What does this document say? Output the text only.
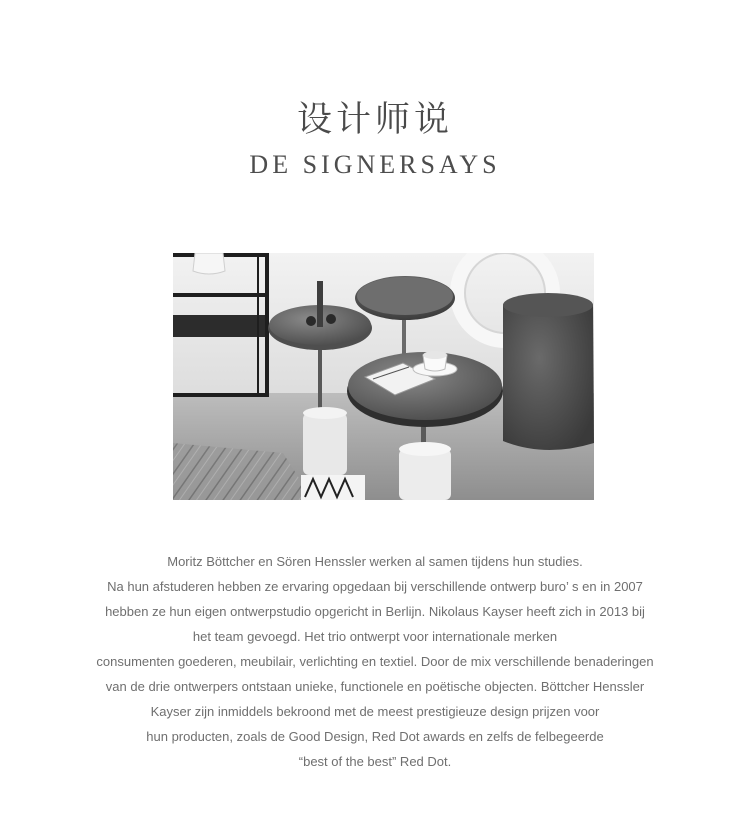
设计师说
DE SIGNERSAYS
Moritz Böttcher en Sören Henssler werken al samen tijdens hun studies.
Na hun afstuderen hebben ze ervaring opgedaan bij verschillende ontwerp buro’ s en in 2007
hebben ze hun eigen ontwerpstudio opgericht in Berlijn. Nikolaus Kayser heeft zich in 2013 bij
het team gevoegd. Het trio ontwerpt voor internationale merken
consumenten goederen, meubilair, verlichting en textiel. Door de mix verschillende benaderingen
van de drie ontwerpers ontstaan unieke, functionele en poëtische objecten. Böttcher Henssler
Kayser zijn inmiddels bekroond met de meest prestigieuze design prijzen voor
hun producten, zoals de Good Design, Red Dot awards en zelfs de felbegeerde
“best of the best” Red Dot.
